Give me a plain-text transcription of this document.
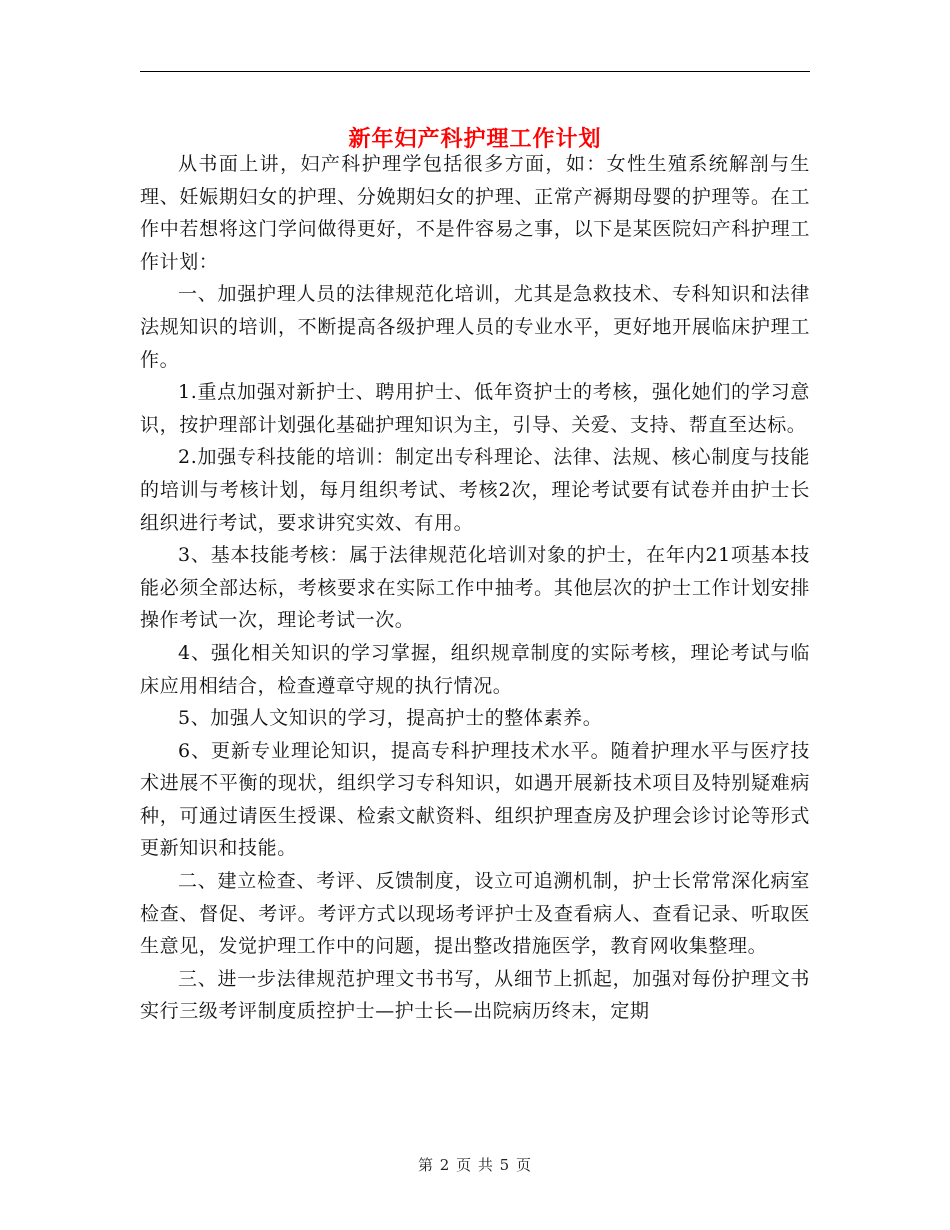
新年妇产科护理工作计划

从书面上讲，妇产科护理学包括很多方面，如：女性生殖系统解剖与生理、妊娠期妇女的护理、分娩期妇女的护理、正常产褥期母婴的护理等。在工作中若想将这门学问做得更好，不是件容易之事，以下是某医院妇产科护理工作计划：

一、加强护理人员的法律规范化培训，尤其是急救技术、专科知识和法律法规知识的培训，不断提高各级护理人员的专业水平，更好地开展临床护理工作。

1.重点加强对新护士、聘用护士、低年资护士的考核，强化她们的学习意识，按护理部计划强化基础护理知识为主，引导、关爱、支持、帮直至达标。

2.加强专科技能的培训：制定出专科理论、法律、法规、核心制度与技能的培训与考核计划，每月组织考试、考核2次，理论考试要有试卷并由护士长组织进行考试，要求讲究实效、有用。

3、基本技能考核：属于法律规范化培训对象的护士，在年内21项基本技能必须全部达标，考核要求在实际工作中抽考。其他层次的护士工作计划安排操作考试一次，理论考试一次。

4、强化相关知识的学习掌握，组织规章制度的实际考核，理论考试与临床应用相结合，检查遵章守规的执行情况。

5、加强人文知识的学习，提高护士的整体素养。

6、更新专业理论知识，提高专科护理技术水平。随着护理水平与医疗技术进展不平衡的现状，组织学习专科知识，如遇开展新技术项目及特别疑难病种，可通过请医生授课、检索文献资料、组织护理查房及护理会诊讨论等形式更新知识和技能。

二、建立检查、考评、反馈制度，设立可追溯机制，护士长常常深化病室检查、督促、考评。考评方式以现场考评护士及查看病人、查看记录、听取医生意见，发觉护理工作中的问题，提出整改措施医学，教育网收集整理。

三、进一步法律规范护理文书书写，从细节上抓起，加强对每份护理文书实行三级考评制度质控护士—护士长—出院病历终末，定期

第 2 页 共 5 页
